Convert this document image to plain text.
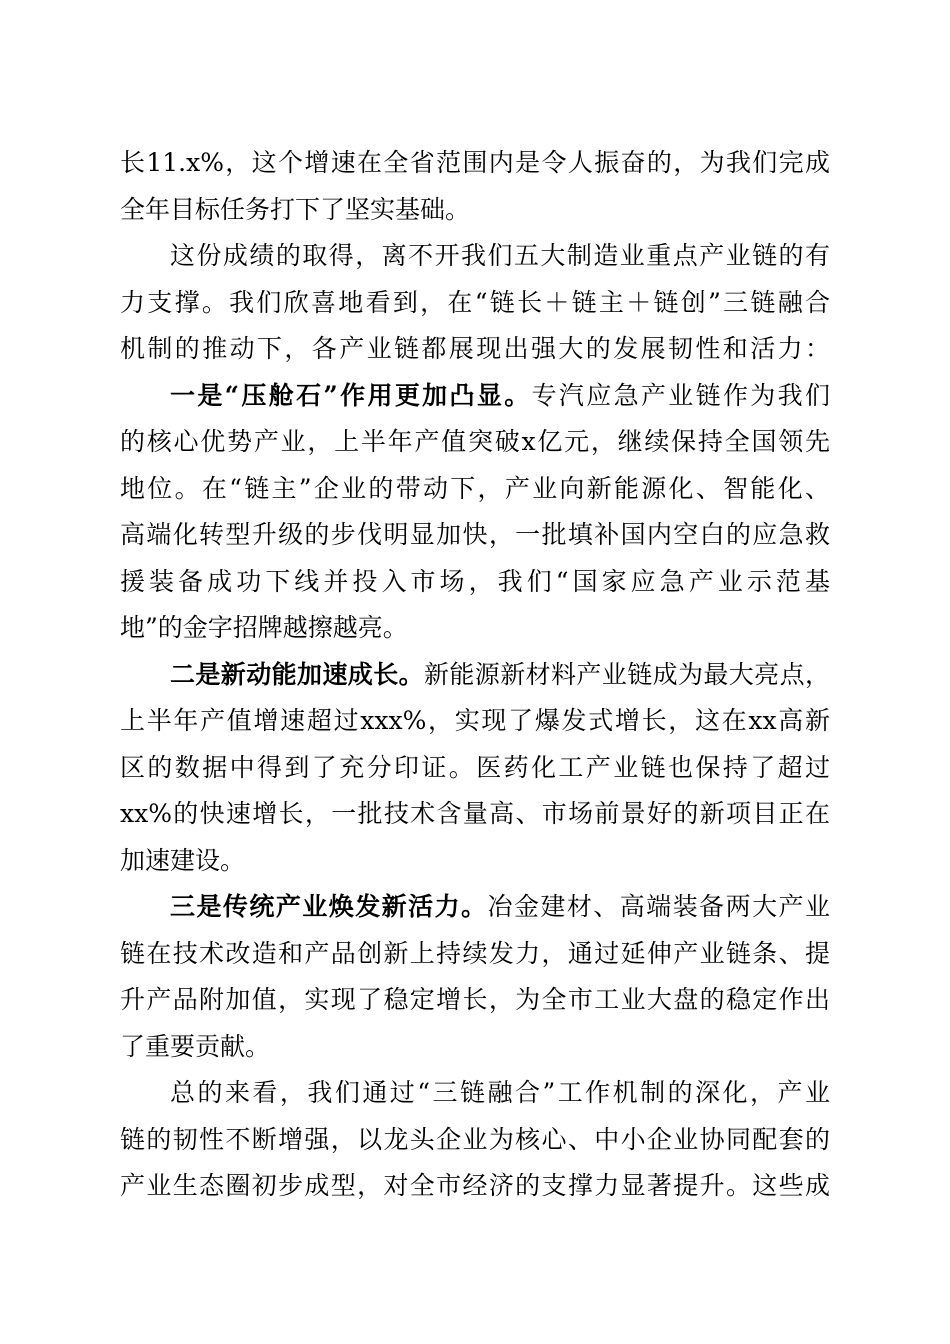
长11.x%，这个增速在全省范围内是令人振奋的，为我们完成
全年目标任务打下了坚实基础。
这份成绩的取得，离不开我们五大制造业重点产业链的有
力支撑。我们欣喜地看到，在“链长＋链主＋链创”三链融合
机制的推动下，各产业链都展现出强大的发展韧性和活力：
一是“压舱石”作用更加凸显。专汽应急产业链作为我们
的核心优势产业，上半年产值突破x亿元，继续保持全国领先
地位。在“链主”企业的带动下，产业向新能源化、智能化、
高端化转型升级的步伐明显加快，一批填补国内空白的应急救
援装备成功下线并投入市场，我们“国家应急产业示范基
地”的金字招牌越擦越亮。
二是新动能加速成长。新能源新材料产业链成为最大亮点，
上半年产值增速超过xxx%，实现了爆发式增长，这在xx高新
区的数据中得到了充分印证。医药化工产业链也保持了超过
xx%的快速增长，一批技术含量高、市场前景好的新项目正在
加速建设。
三是传统产业焕发新活力。冶金建材、高端装备两大产业
链在技术改造和产品创新上持续发力，通过延伸产业链条、提
升产品附加值，实现了稳定增长，为全市工业大盘的稳定作出
了重要贡献。
总的来看，我们通过“三链融合”工作机制的深化，产业
链的韧性不断增强，以龙头企业为核心、中小企业协同配套的
产业生态圈初步成型，对全市经济的支撑力显著提升。这些成
